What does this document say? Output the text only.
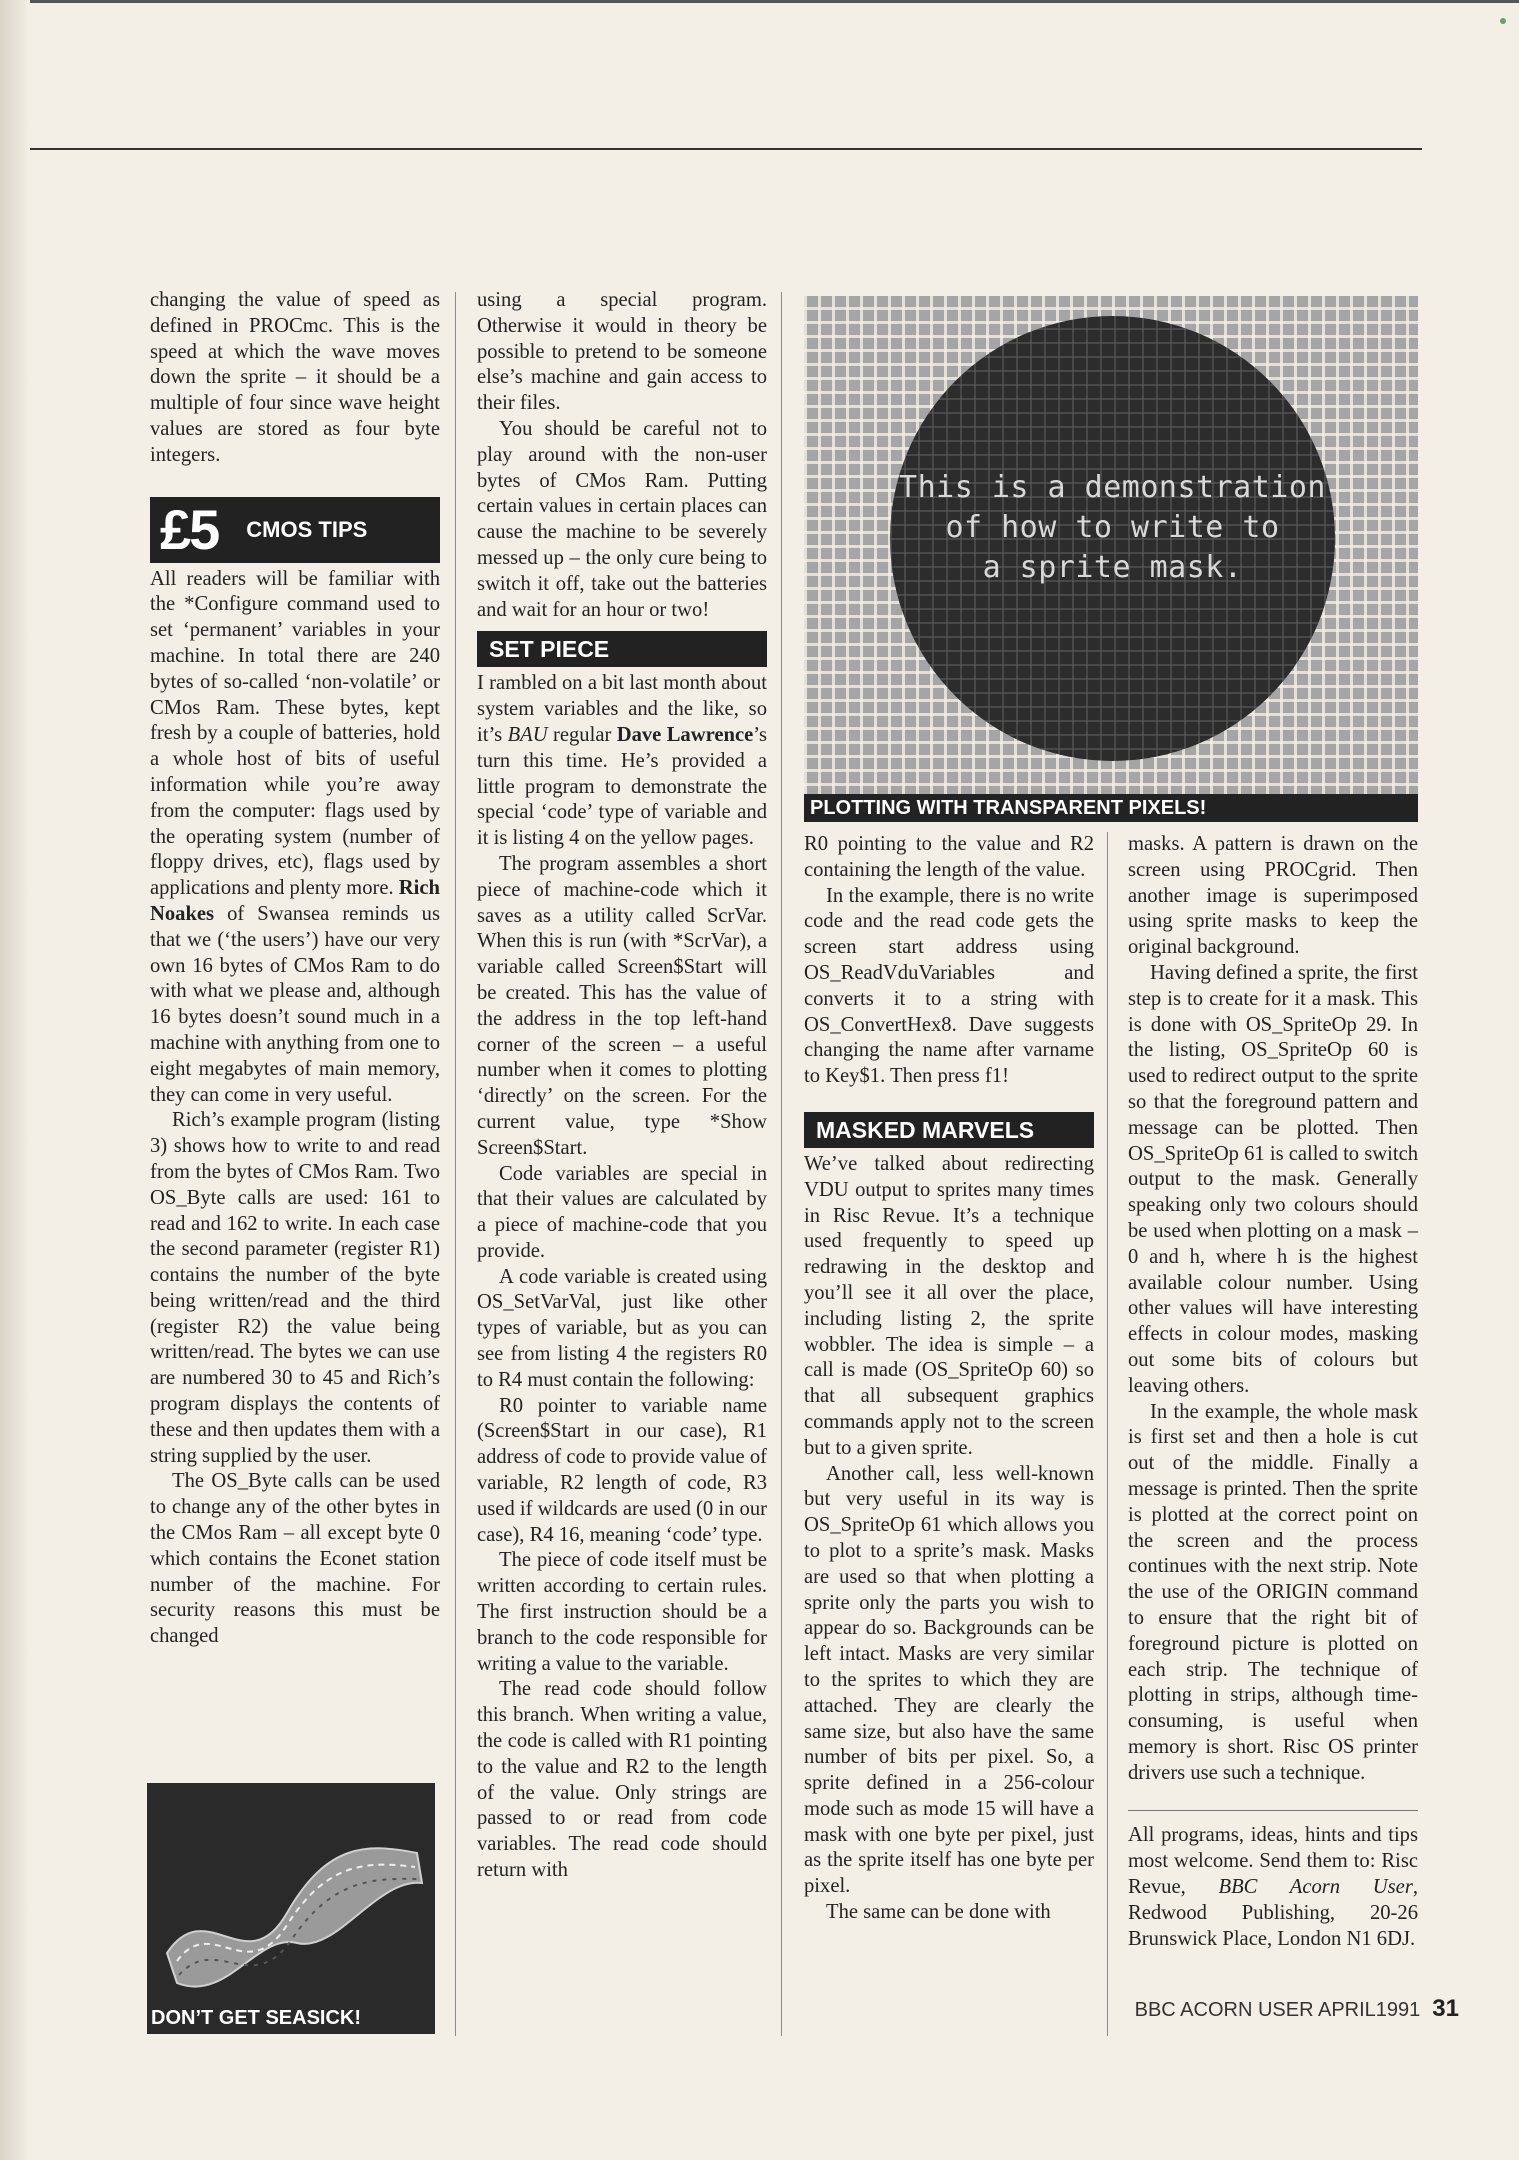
changing the value of speed as defined in PROCmc. This is the speed at which the wave moves down the sprite – it should be a multiple of four since wave height values are stored as four byte integers.

£5 CMOS TIPS

All readers will be familiar with the *Configure command used to set ‘permanent’ variables in your machine. In total there are 240 bytes of so-called ‘non-volatile’ or CMos Ram. These bytes, kept fresh by a couple of batteries, hold a whole host of bits of useful information while you’re away from the computer: flags used by the operating system (number of floppy drives, etc), flags used by applications and plenty more. Rich Noakes of Swansea reminds us that we (‘the users’) have our very own 16 bytes of CMos Ram to do with what we please and, although 16 bytes doesn’t sound much in a machine with anything from one to eight megabytes of main memory, they can come in very useful.

Rich’s example program (listing 3) shows how to write to and read from the bytes of CMos Ram. Two OS_Byte calls are used: 161 to read and 162 to write. In each case the second parameter (register R1) contains the number of the byte being written/read and the third (register R2) the value being written/read. The bytes we can use are numbered 30 to 45 and Rich’s program displays the contents of these and then updates them with a string supplied by the user.

The OS_Byte calls can be used to change any of the other bytes in the CMos Ram – all except byte 0 which contains the Econet station number of the machine. For security reasons this must be changed

DON’T GET SEASICK!

using a special program. Otherwise it would in theory be possible to pretend to be someone else’s machine and gain access to their files.

You should be careful not to play around with the non-user bytes of CMos Ram. Putting certain values in certain places can cause the machine to be severely messed up – the only cure being to switch it off, take out the batteries and wait for an hour or two!

SET PIECE

I rambled on a bit last month about system variables and the like, so it’s BAU regular Dave Lawrence’s turn this time. He’s provided a little program to demonstrate the special ‘code’ type of variable and it is listing 4 on the yellow pages.

The program assembles a short piece of machine-code which it saves as a utility called ScrVar. When this is run (with *ScrVar), a variable called Screen$Start will be created. This has the value of the address in the top left-hand corner of the screen – a useful number when it comes to plotting ‘directly’ on the screen. For the current value, type *Show Screen$Start.

Code variables are special in that their values are calculated by a piece of machine-code that you provide.

A code variable is created using OS_SetVarVal, just like other types of variable, but as you can see from listing 4 the registers R0 to R4 must contain the following:

R0 pointer to variable name (Screen$Start in our case), R1 address of code to provide value of variable, R2 length of code, R3 used if wildcards are used (0 in our case), R4 16, meaning ‘code’ type.

The piece of code itself must be written according to certain rules. The first instruction should be a branch to the code responsible for writing a value to the variable.

The read code should follow this branch. When writing a value, the code is called with R1 pointing to the value and R2 to the length of the value. Only strings are passed to or read from code variables. The read code should return with

This is a demonstration
of how to write to
a sprite mask.
PLOTTING WITH TRANSPARENT PIXELS!

R0 pointing to the value and R2 containing the length of the value.

In the example, there is no write code and the read code gets the screen start address using OS_ReadVduVariables and converts it to a string with OS_ConvertHex8. Dave suggests changing the name after varname to Key$1. Then press f1!

MASKED MARVELS

We’ve talked about redirecting VDU output to sprites many times in Risc Revue. It’s a technique used frequently to speed up redrawing in the desktop and you’ll see it all over the place, including listing 2, the sprite wobbler. The idea is simple – a call is made (OS_SpriteOp 60) so that all subsequent graphics commands apply not to the screen but to a given sprite.

Another call, less well-known but very useful in its way is OS_SpriteOp 61 which allows you to plot to a sprite’s mask. Masks are used so that when plotting a sprite only the parts you wish to appear do so. Backgrounds can be left intact. Masks are very similar to the sprites to which they are attached. They are clearly the same size, but also have the same number of bits per pixel. So, a sprite defined in a 256-colour mode such as mode 15 will have a mask with one byte per pixel, just as the sprite itself has one byte per pixel.

The same can be done with

masks. A pattern is drawn on the screen using PROCgrid. Then another image is superimposed using sprite masks to keep the original background.

Having defined a sprite, the first step is to create for it a mask. This is done with OS_SpriteOp 29. In the listing, OS_SpriteOp 60 is used to redirect output to the sprite so that the foreground pattern and message can be plotted. Then OS_SpriteOp 61 is called to switch output to the mask. Generally speaking only two colours should be used when plotting on a mask – 0 and h, where h is the highest available colour number. Using other values will have interesting effects in colour modes, masking out some bits of colours but leaving others.

In the example, the whole mask is first set and then a hole is cut out of the middle. Finally a message is printed. Then the sprite is plotted at the correct point on the screen and the process continues with the next strip. Note the use of the ORIGIN command to ensure that the right bit of foreground picture is plotted on each strip. The technique of plotting in strips, although time-consuming, is useful when memory is short. Risc OS printer drivers use such a technique.

All programs, ideas, hints and tips most welcome. Send them to: Risc Revue, BBC Acorn User, Redwood Publishing, 20-26 Brunswick Place, London N1 6DJ.

BBC ACORN USER APRIL1991 31
